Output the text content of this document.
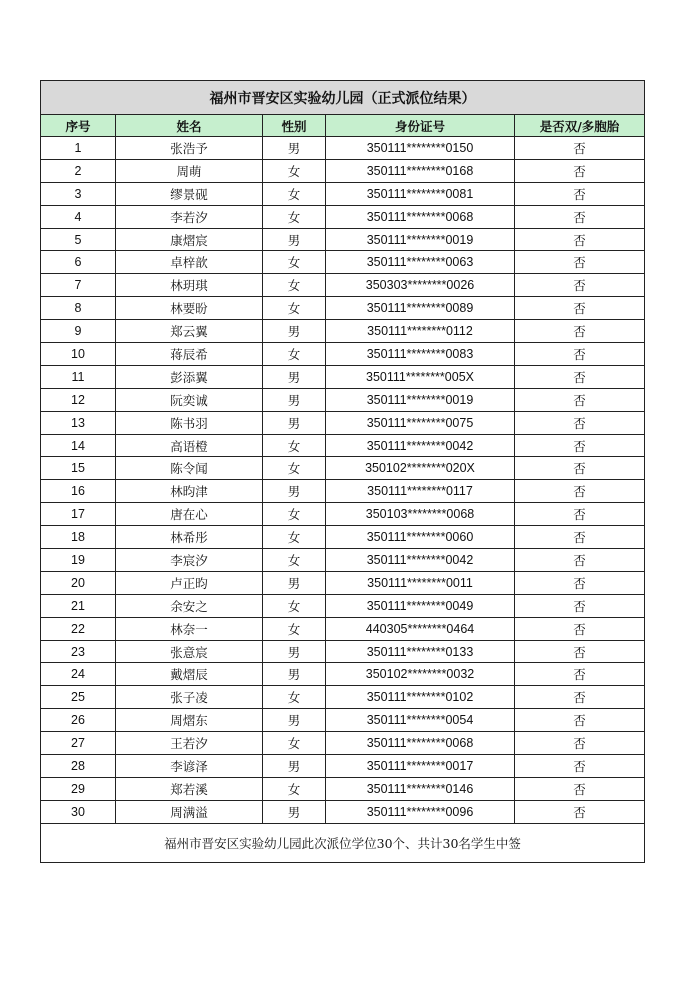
福州市晋安区实验幼儿园（正式派位结果）				
序号	姓名	性别	身份证号	是否双/多胞胎
1	张浩予	男	350111********0150	否
2	周萌	女	350111********0168	否
3	缪景砚	女	350111********0081	否
4	李若汐	女	350111********0068	否
5	康熠宸	男	350111********0019	否
6	卓梓歆	女	350111********0063	否
7	林玥琪	女	350303********0026	否
8	林要昐	女	350111********0089	否
9	郑云翼	男	350111********0112	否
10	蒋辰希	女	350111********0083	否
11	彭添翼	男	350111********005X	否
12	阮奕诚	男	350111********0019	否
13	陈书羽	男	350111********0075	否
14	高语橙	女	350111********0042	否
15	陈令闻	女	350102********020X	否
16	林昀津	男	350111********0117	否
17	唐在心	女	350103********0068	否
18	林希彤	女	350111********0060	否
19	李宸汐	女	350111********0042	否
20	卢正昀	男	350111********0011	否
21	余安之	女	350111********0049	否
22	林奈一	女	440305********0464	否
23	张意宸	男	350111********0133	否
24	戴熠辰	男	350102********0032	否
25	张子凌	女	350111********0102	否
26	周熠东	男	350111********0054	否
27	王若汐	女	350111********0068	否
28	李谚泽	男	350111********0017	否
29	郑若溪	女	350111********0146	否
30	周满溢	男	350111********0096	否
福州市晋安区实验幼儿园此次派位学位30个、共计30名学生中签				
